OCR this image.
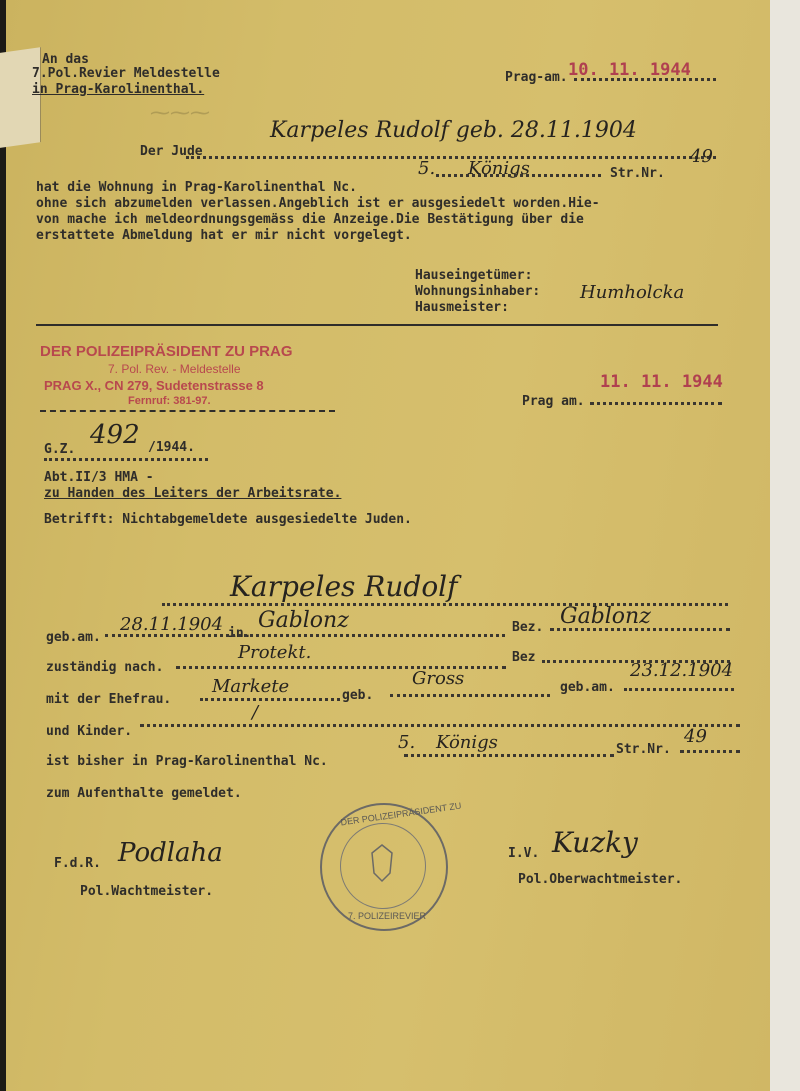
⁓⁓⁓
An das
7.Pol.Revier Meldestelle
in Prag-Karolinenthal.
Prag-am. 10. 11. 1944
Der Jude
Karpeles Rudolf geb. 28.11.1904
hat die Wohnung in Prag-Karolinenthal Nc.
5. Königs	Str.Nr.
49
ohne sich abzumelden verlassen.Angeblich ist er ausgesiedelt worden.Hie-
von mache ich meldeordnungsgemäss die Anzeige.Die Bestätigung über die
erstattete Abmeldung hat er mir nicht vorgelegt.
Hauseingetümer:
Wohnungsinhaber:
Hausmeister:
Humholcka
DER POLIZEIPRÄSIDENT ZU PRAG
7. Pol. Rev. - Meldestelle
PRAG X., CN 279, Sudetenstrasse 8
Fernruf: 381-97.
11. 11. 1944
Prag am.
G.Z. 492 /1944.
Abt.II/3 HMA -
zu Handen des Leiters der Arbeitsrate.
Betrifft: Nichtabgemeldete ausgesiedelte Juden.
Karpeles Rudolf
geb.am.
28.11.1904 in.
Gablonz	Bez. Gablonz
zuständig nach.
Protekt.	Bez
mit der Ehefrau.
Markete	geb.
Gross	geb.am.
23.12.1904
und Kinder.
/
ist bisher in Prag-Karolinenthal Nc.
5. Königs	Str.Nr.
49
zum Aufenthalte gemeldet.
DER POLIZEIPRÄSIDENT ZU
7. POLIZEIREVIER
F.d.R. Podlaha
Pol.Wachtmeister.
I.V. Kuzky
Pol.Oberwachtmeister.
